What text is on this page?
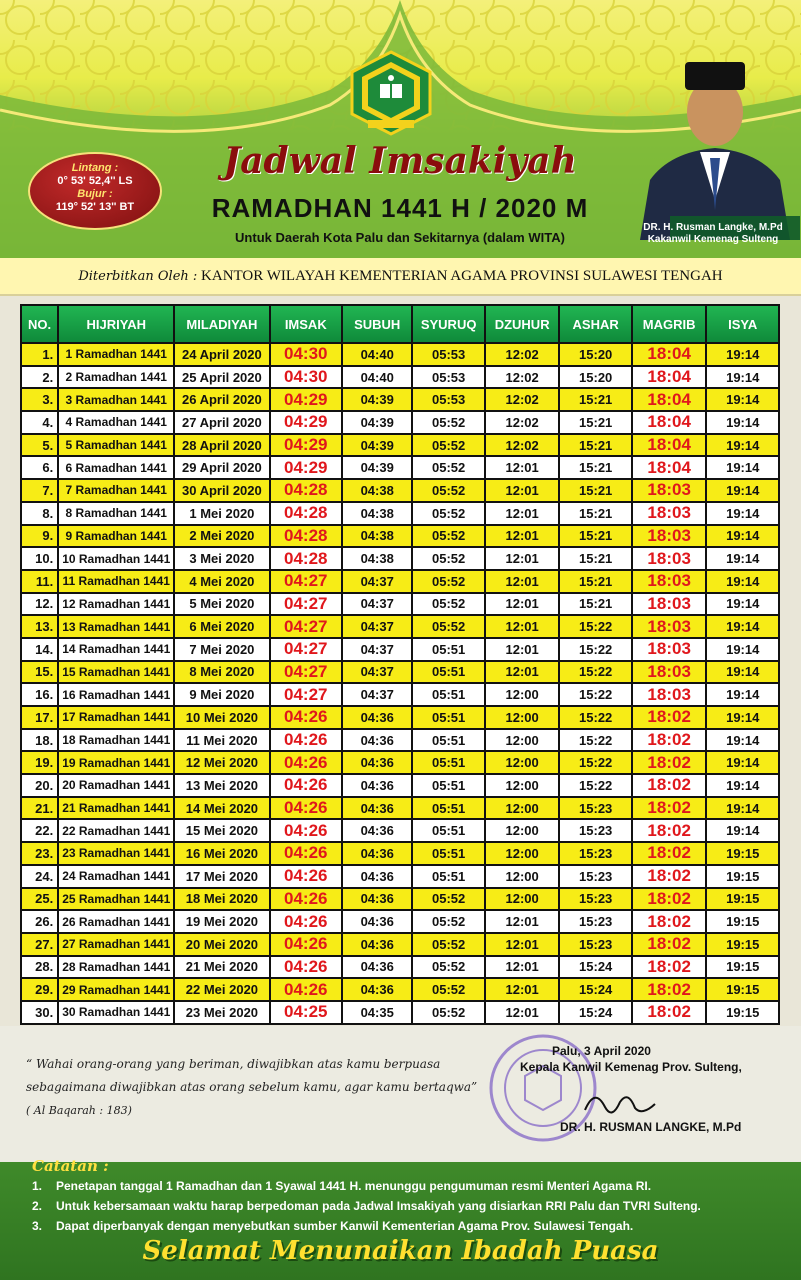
Lintang :
0° 53' 52,4'' LS
Bujur :
119° 52' 13'' BT
Jadwal Imsakiyah
RAMADHAN 1441 H / 2020 M
Untuk Daerah Kota Palu dan Sekitarnya (dalam WITA)
DR. H. Rusman Langke, M.Pd
Kakanwil Kemenag Sulteng
Diterbitkan Oleh : KANTOR WILAYAH KEMENTERIAN AGAMA PROVINSI SULAWESI TENGAH
NO.	HIJRIYAH	MILADIYAH	IMSAK	SUBUH	SYURUQ	DZUHUR	ASHAR	MAGRIB	ISYA
1.	1 Ramadhan 1441	24 April 2020	04:30	04:40	05:53	12:02	15:20	18:04	19:14
2.	2 Ramadhan 1441	25 April 2020	04:30	04:40	05:53	12:02	15:20	18:04	19:14
3.	3 Ramadhan 1441	26 April 2020	04:29	04:39	05:53	12:02	15:21	18:04	19:14
4.	4 Ramadhan 1441	27 April 2020	04:29	04:39	05:52	12:02	15:21	18:04	19:14
5.	5 Ramadhan 1441	28 April 2020	04:29	04:39	05:52	12:02	15:21	18:04	19:14
6.	6 Ramadhan 1441	29 April 2020	04:29	04:39	05:52	12:01	15:21	18:04	19:14
7.	7 Ramadhan 1441	30 April 2020	04:28	04:38	05:52	12:01	15:21	18:03	19:14
8.	8 Ramadhan 1441	1 Mei 2020	04:28	04:38	05:52	12:01	15:21	18:03	19:14
9.	9 Ramadhan 1441	2 Mei 2020	04:28	04:38	05:52	12:01	15:21	18:03	19:14
10.	10 Ramadhan 1441	3 Mei 2020	04:28	04:38	05:52	12:01	15:21	18:03	19:14
11.	11 Ramadhan 1441	4 Mei 2020	04:27	04:37	05:52	12:01	15:21	18:03	19:14
12.	12 Ramadhan 1441	5 Mei 2020	04:27	04:37	05:52	12:01	15:21	18:03	19:14
13.	13 Ramadhan 1441	6 Mei 2020	04:27	04:37	05:52	12:01	15:22	18:03	19:14
14.	14 Ramadhan 1441	7 Mei 2020	04:27	04:37	05:51	12:01	15:22	18:03	19:14
15.	15 Ramadhan 1441	8 Mei 2020	04:27	04:37	05:51	12:01	15:22	18:03	19:14
16.	16 Ramadhan 1441	9 Mei 2020	04:27	04:37	05:51	12:00	15:22	18:03	19:14
17.	17 Ramadhan 1441	10 Mei 2020	04:26	04:36	05:51	12:00	15:22	18:02	19:14
18.	18 Ramadhan 1441	11 Mei 2020	04:26	04:36	05:51	12:00	15:22	18:02	19:14
19.	19 Ramadhan 1441	12 Mei 2020	04:26	04:36	05:51	12:00	15:22	18:02	19:14
20.	20 Ramadhan 1441	13 Mei 2020	04:26	04:36	05:51	12:00	15:22	18:02	19:14
21.	21 Ramadhan 1441	14 Mei 2020	04:26	04:36	05:51	12:00	15:23	18:02	19:14
22.	22 Ramadhan 1441	15 Mei 2020	04:26	04:36	05:51	12:00	15:23	18:02	19:14
23.	23 Ramadhan 1441	16 Mei 2020	04:26	04:36	05:51	12:00	15:23	18:02	19:15
24.	24 Ramadhan 1441	17 Mei 2020	04:26	04:36	05:51	12:00	15:23	18:02	19:15
25.	25 Ramadhan 1441	18 Mei 2020	04:26	04:36	05:52	12:00	15:23	18:02	19:15
26.	26 Ramadhan 1441	19 Mei 2020	04:26	04:36	05:52	12:01	15:23	18:02	19:15
27.	27 Ramadhan 1441	20 Mei 2020	04:26	04:36	05:52	12:01	15:23	18:02	19:15
28.	28 Ramadhan 1441	21 Mei 2020	04:26	04:36	05:52	12:01	15:24	18:02	19:15
29.	29 Ramadhan 1441	22 Mei 2020	04:26	04:36	05:52	12:01	15:24	18:02	19:15
30.	30 Ramadhan 1441	23 Mei 2020	04:25	04:35	05:52	12:01	15:24	18:02	19:15
“ Wahai orang-orang yang beriman, diwajibkan atas kamu berpuasa
sebagaimana diwajibkan atas orang sebelum kamu, agar kamu bertaqwa”
( Al Baqarah : 183)
Palu, 3 April 2020
Kepala Kanwil Kemenag Prov. Sulteng,
DR. H. RUSMAN LANGKE, M.Pd
Catatan :
1. Penetapan tanggal 1 Ramadhan dan 1 Syawal 1441 H. menunggu pengumuman resmi Menteri Agama RI.
2. Untuk kebersamaan waktu harap berpedoman pada Jadwal Imsakiyah yang disiarkan RRI Palu dan TVRI Sulteng.
3. Dapat diperbanyak dengan menyebutkan sumber Kanwil Kementerian Agama Prov. Sulawesi Tengah.
Selamat Menunaikan Ibadah Puasa
